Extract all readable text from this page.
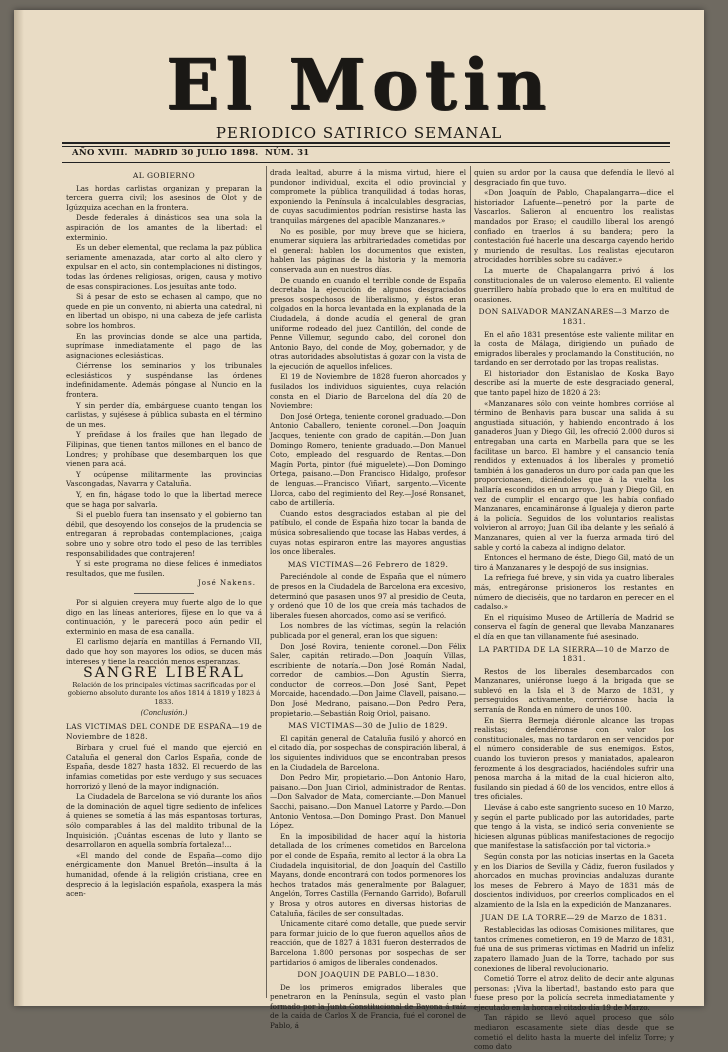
El Motin
PERIODICO SATIRICO SEMANAL
AÑO XVIII. MADRID 30 JULIO 1898. NÚM. 31
AL GOBIERNO

Las hordas carlistas organizan y preparan la tercera guerra civil; los asesinos de Olot y de Igúzquiza acechan en la frontera.

Desde federales á dinásticos sea una sola la aspiración de los amantes de la libertad: el exterminio.

Es un deber elemental, que reclama la paz pública seriamente amenazada, atar corto al alto clero y expulsar en el acto, sin contemplaciones ni distingos, todas las órdenes religiosas, origen, causa y motivo de esas conspiraciones. Los jesuítas ante todo.

Si á pesar de esto se echasen al campo, que no quede en pie un convento, ni abierta una catedral, ni en libertad un obispo, ni una cabeza de jefe carlista sobre los hombros.

En las provincias donde se alce una partida, suprímase inmediatamente el pago de las asignaciones eclesiásticas.

Ciérrense los seminarios y los tribunales eclesiásticos y suspéndanse las órdenes indefinidamente. Además póngase al Nuncio en la frontera.

Y sin perder día, embárguese cuanto tengan los carlistas, y sujésese á pública subasta en el término de un mes.

Y preñdase á los frailes que han llegado de Filipinas, que tienen tantos millones en el banco de Londres; y prohíbase que desembarquen los que vienen para acá.

Y ocúpense militarmente las provincias Vascongadas, Navarra y Cataluña.

Y, en fin, hágase todo lo que la libertad merece que se haga por salvarla.

Si el pueblo fuera tan insensato y el gobierno tan débil, que desoyendo los consejos de la prudencia se entregaran á reprobadas contemplaciones, ¡caiga sobre uno y sobre otro todo el peso de las terribles responsabilidades que contrajeren!

Y si este programa no diese felices é inmediatos resultados, que me fusilen.

José Nakens.

Por si alguien creyera muy fuerte algo de lo que digo en las líneas anteriores, fíjese en lo que va á continuación, y le parecerá poco aún pedir el exterminio en masa de esa canalla.

El carlismo dejaría en mantillas á Fernando VII, dado que hoy son mayores los odios, se ducen más intereses y tiene la reacción menos esperanzas.

SANGRE LIBERAL
Relación de los principales víctimas sacrificadas por el gobierno absoluto durante los años 1814 á 1819 y 1823 á 1833.
(Conclusión.)
LAS VICTIMAS DEL CONDE DE ESPAÑA—19 de Noviembre de 1828.

Bírbara y cruel fué el mando que ejerció en Cataluña el general don Carlos España, conde de España, desde 1827 hasta 1832. El recuerdo de las infamias cometidas por este verdugo y sus secuaces horrorizó y llenó de la mayor indignación.

La Ciudadela de Barcelona se vió durante los años de la dominación de aquel tigre sediento de infelices á quienes se sometía á las más espantosas torturas, sólo comparables á las del maldito tribunal de la Inquisición. ¡Cuántas escenas de luto y llanto se desarrollaron en aquella sombría fortaleza!...

«El mando del conde de España—como dijo enérgicamente don Manuel Bretón—insulta á la humanidad, ofende á la religión cristiana, cree en desprecio á la legislación española, exaspera la más acen-

drada lealtad, aburre á la misma virtud, hiere el pundonor individual, excita el odio provincial y compromete la pública tranquilidad á todas horas, exponiendo la Península á incalculables desgracias, de cuyas sacudimientos podrían resistirse hasta las tranquilas márgenes del apacible Manzanares.»

No es posible, por muy breve que se hiciera, enumerar siquiera las arbitrariedades cometidas por el general: hablen los documentos que existen, hablen las páginas de la historia y la memoria conservada aun en nuestros días.

De cuando en cuando el terrible conde de España decretaba la ejecución de algunos desgraciados presos sospechosos de liberalismo, y éstos eran colgados en la horca levantada en la explanada de la Ciudadela, á donde acudía el general de gran uniforme rodeado del juez Cantillón, del conde de Penne Villemur, segundo cabo, del coronel don Antonio Bayo, del conde de Moy, gobernador, y de otras autoridades absolutistas á gozar con la vista de la ejecución de aquellos infelices.

El 19 de Noviembre de 1828 fueron ahorcados y fusilados los individuos siguientes, cuya relación consta en el Diario de Barcelona del día 20 de Noviembre:

Don José Ortega, teniente coronel graduado.—Don Antonio Caballero, teniente coronel.—Don Joaquín Jacques, teniente con grado de capitán.—Don Juan Domingo Romero, teniente graduado.—Don Manuel Coto, empleado del resguardo de Rentas.—Don Magín Porta, pintor (fué miguelete).—Don Domingo Ortega, paisano.—Don Francisco Hidalgo, profesor de lenguas.—Francisco Viñart, sargento.—Vicente Llorca, cabo del regimiento del Rey.—José Ronsanet, cabo de artillería.

Cuando estos desgraciados estaban al pie del patíbulo, el conde de España hizo tocar la banda de música sobresaliendo que tocase las Habas verdes, á cuyas notas espiraron entre las mayores angustias los once liberales.

MAS VICTIMAS—26 Febrero de 1829.

Pareciéndole al conde de España que el número de presos en la Ciudadela de Barcelona era excesivo, determinó que pasasen unos 97 al presidio de Ceuta, y ordenó que 10 de los que creía más tachados de liberales fuesen ahorcados, como así se verificó.

Los nombres de las víctimas, según la relación publicada por el general, eran los que siguen:

Don José Rovira, teniente coronel.—Don Félix Saler, capitán retirado.—Don Joaquín Villas, escribiente de notaría.—Don José Román Nadal, corredor de cambios.—Don Agustín Sierra, conductor de correos.—Don José Sant, Pepet Morcaide, hacendado.—Don Jaime Clavell, paisano.—Don José Medrano, paisano.—Don Pedro Pera, propietario.—Sebastián Roig Oriol, paisano.

MAS VICTIMAS—30 de Julio de 1829.

El capitán general de Cataluña fusiló y ahorcó en el citado día, por sospechas de conspiración liberal, á los siguientes individuos que se encontraban presos en la Ciudadela de Barcelona.

Don Pedro Mir, propietario.—Don Antonio Haro, paisano.—Don Juan Ciriol, administrador de Rentas.—Don Salvador de Mata, comerciante.—Don Manuel Sacchi, paisano.—Don Manuel Latorre y Pardo.—Don Antonio Ventosa.—Don Domingo Prast. Don Manuel López.

En la imposibilidad de hacer aquí la historia detallada de los crímenes cometidos en Barcelona por el conde de España, remito al lector á la obra La Ciudadela inquisitorial, de don Joaquín del Castillo Mayans, donde encontrará con todos pormenores los hechos tratados más generalmente por Balaguer, Angelón, Torres Castilla (Fernando Garrido), Bofarull y Brosa y otros autores en diversas historias de Cataluña, fáciles de ser consultadas.

Unicamente citaré como detalle, que puede servir para formar juicio de lo que fueron aquellos años de reacción, que de 1827 á 1831 fueron desterrados de Barcelona 1.800 personas por sospechas de ser partidarios ó amigos de liberales condenados.

DON JOAQUIN DE PABLO—1830.

De los primeros emigrados liberales que penetraron en la Península, según el vasto plan formado por la Junta Constitucional de Bayona á raíz de la caída de Carlos X de Francia, fué el coronel de Pablo, á

quien su ardor por la causa que defendía le llevó al desgraciado fin que tuvo.

«Don Joaquín de Pablo, Chapalangarra—dice el historiador Lafuente—penetró por la parte de Vascarlos. Salieron al encuentro los realistas mandados por Eraso; el caudillo liberal los arengó confiado en traerlos á su bandera; pero la contestación fué hacerle una descarga cayendo herido y muriendo de resultas. Los realistas ejecutaron atrocidades horribles sobre su cadáver.»

La muerte de Chapalangarra privó á los constitucionales de un valeroso elemento. El valiente guerrillero había probado que lo era en multitud de ocasiones.

DON SALVADOR MANZANARES—3 Marzo de 1831.

En el año 1831 presentóse este valiente militar en la costa de Málaga, dirigiendo un puñado de emigrados liberales y proclamando la Constitución, no tardando en ser derrotado por las tropas realistas.

El historiador don Estanislao de Koska Bayo describe así la muerte de este desgraciado general, que tanto papel hizo de 1820 á 23:

«Manzanares sólo con veinte hombres corrióse al término de Benhavis para buscar una salida á su angustiada situación, y habiendo encontrado á los ganaderos Juan y Diego Gil, les ofreció 2.000 duros si entregaban una carta en Marbella para que se les facilitase un barco. El hambre y el cansancio tenía rendidos y extenuados á los liberales y prometió también á los ganaderos un duro por cada pan que les proporcionasen, diciéndoles que á la vuelta los hallaría escondidos en un arroyo. Juan y Diego Gil, en vez de cumplir el encargo que les había confiado Manzanares, encamináronse á Igualeja y dieron parte á la policía. Seguidos de los voluntarios realistas volvieron al arroyo; Juan Gil iba delante y les señaló á Manzanares, quien al ver la fuerza armada tiró del sable y cortó la cabeza al indigno delator.

Entonces el hermano de éste, Diego Gil, mató de un tiro á Manzanares y le despojó de sus insignias.

La refriega fué breve, y sin vida ya cuatro liberales más, entregáronse prisioneros los restantes en número de dieciséis, que no tardaron en perecer en el cadalso.»

En el riquísimo Museo de Artillería de Madrid se conserva el fagín de general que llevaba Manzanares el día en que tan villanamente fué asesinado.

LA PARTIDA DE LA SIERRA—10 de Marzo de 1831.

Restos de los liberales desembarcados con Manzanares, uniéronse luego á la brigada que se sublevó en la Isla el 3 de Marzo de 1831, y perseguidos activamente, corriéronse hacia la serranía de Ronda en número de unos 100.

En Sierra Bermeja diéronle alcance las tropas realistas; defendiéronse con valor los constitucionales, mas no tardaron en ser vencidos por el número considerable de sus enemigos. Estos, cuando los tuvieron presos y maniatados, apalearon ferozmente á los desgraciados, haciéndoles sufrir una penosa marcha á la mitad de la cual hicieron alto, fusilando sin piedad á 60 de los vencidos, entre ellos á tres oficiales.

Lleváse á cabo este sangriento suceso en 10 Marzo, y según el parte publicado por las autoridades, parte que tengo á la vista, se indicó seria conveniente se hiciesen algunas públicas manifestaciones de regocijo que manifestase la satisfacción por tal victoria.»

Según consta por las noticias insertas en la Gaceta y en los Diarios de Sevilla y Cádiz, fueron fusilados y ahorcados en muchas provincias andaluzas durante los meses de Febrero á Mayo de 1831 más de doscientos individuos, por creerlos complicados en el alzamiento de la Isla en la expedición de Manzanares.

JUAN DE LA TORRE—29 de Marzo de 1831.

Restablecidas las odiosas Comisiones militares, que tantos crímenes cometieron, en 19 de Marzo de 1831, fué una de sus primeras víctimas en Madrid un infeliz zapatero llamado Juan de la Torre, tachado por sus conexiones de liberal revolucionario.

Cometió Torre el atroz delito de decir ante algunas personas: ¡Viva la libertad!, bastando esto para que fuese preso por la policía secreta inmediatamente y ejecutado en la horca el citado día 19 de Marzo.

Tan rápido se llevó aquel proceso que sólo mediaron escasamente siete días desde que se cometió el delito hasta la muerte del infeliz Torre; y como dato
